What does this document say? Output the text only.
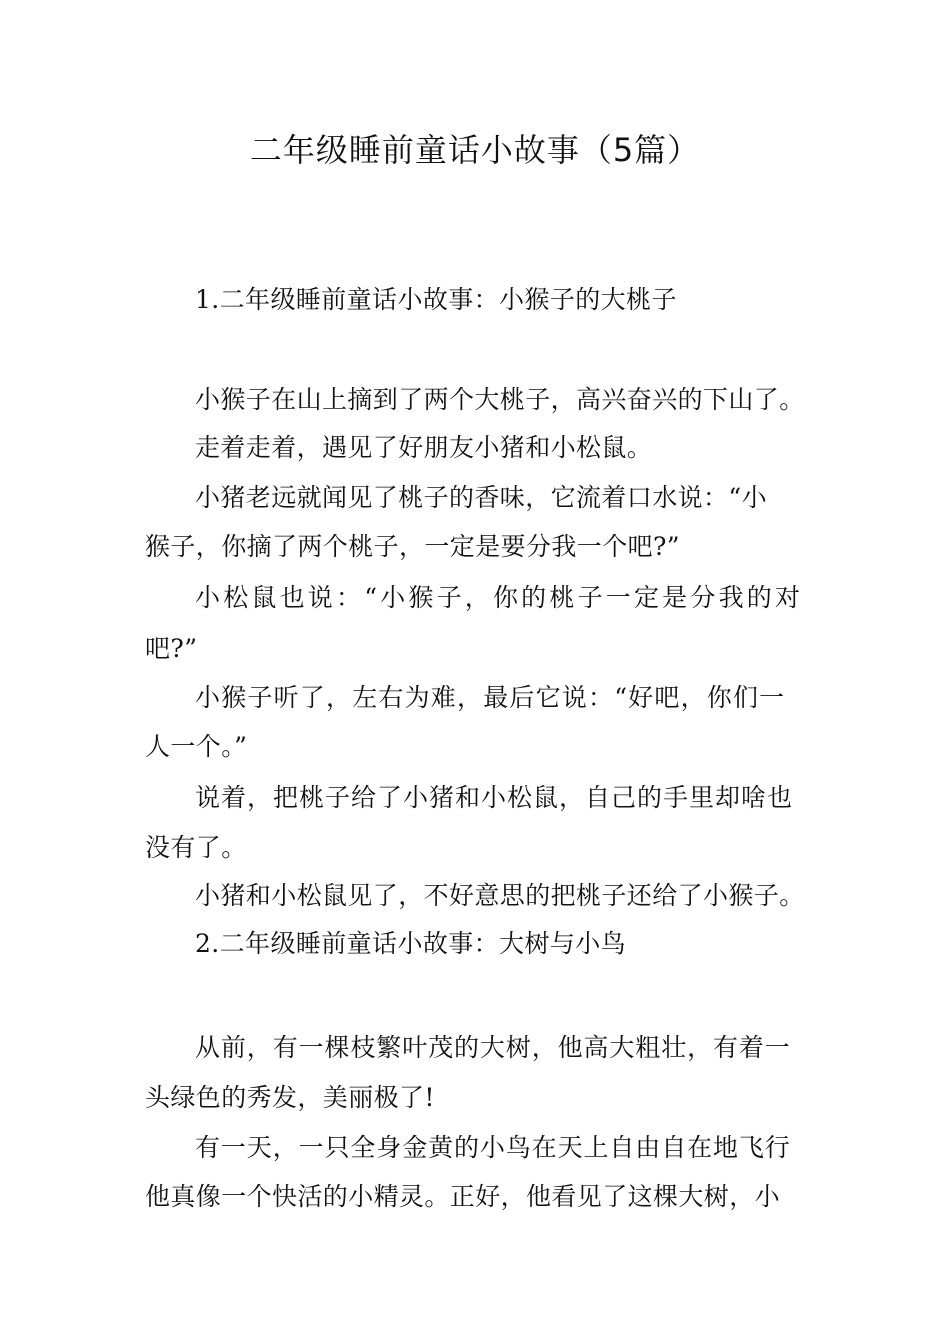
二年级睡前童话小故事（5篇）
1.二年级睡前童话小故事：小猴子的大桃子
小猴子在山上摘到了两个大桃子，高兴奋兴的下山了。
走着走着，遇见了好朋友小猪和小松鼠。
小猪老远就闻见了桃子的香味，它流着口水说：“小
猴子，你摘了两个桃子，一定是要分我一个吧?”
小松鼠也说：“小猴子，你的桃子一定是分我的对
吧?”
小猴子听了，左右为难，最后它说：“好吧，你们一
人一个。”
说着，把桃子给了小猪和小松鼠，自己的手里却啥也
没有了。
小猪和小松鼠见了，不好意思的把桃子还给了小猴子。
2.二年级睡前童话小故事：大树与小鸟
从前，有一棵枝繁叶茂的大树，他高大粗壮，有着一
头绿色的秀发，美丽极了!
有一天，一只全身金黄的小鸟在天上自由自在地飞行
他真像一个快活的小精灵。正好，他看见了这棵大树，小
